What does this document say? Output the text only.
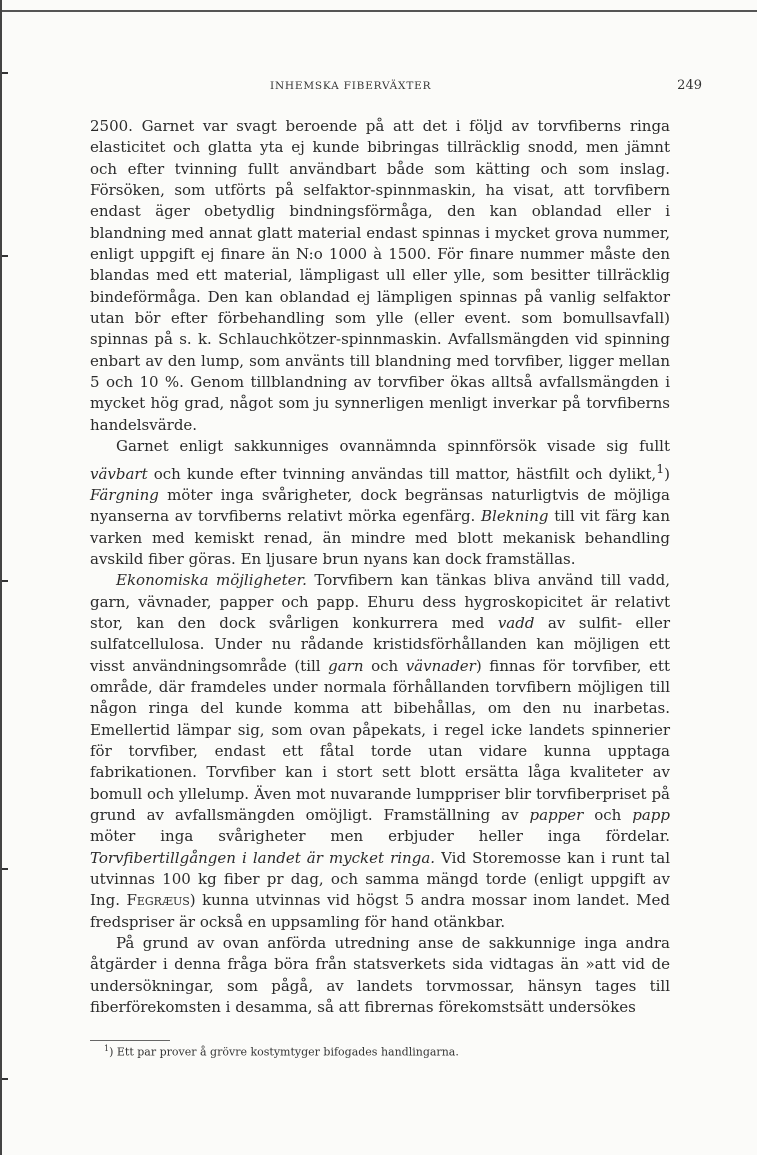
INHEMSKA FIBERVÄXTER	249

2500. Garnet var svagt beroende på att det i följd av torvfiberns ringa elasticitet och glatta yta ej kunde bibringas tillräcklig snodd, men jämnt och efter tvinning fullt användbart både som kätting och som inslag. Försöken, som utförts på selfaktor-spinnmaskin, ha visat, att torvfibern endast äger obetydlig bindningsförmåga, den kan oblandad eller i blandning med annat glatt material endast spinnas i mycket grova nummer, enligt uppgift ej finare än N:o 1000 à 1500. För finare nummer måste den blandas med ett material, lämpligast ull eller ylle, som besitter tillräcklig bindeförmåga. Den kan oblandad ej lämpligen spinnas på vanlig selfaktor utan bör efter förbehandling som ylle (eller event. som bomullsavfall) spinnas på s. k. Schlauchkötzer-spinnmaskin. Avfallsmängden vid spinning enbart av den lump, som använts till blandning med torvfiber, ligger mellan 5 och 10 %. Genom tillblandning av torvfiber ökas alltså avfallsmängden i mycket hög grad, något som ju synnerligen menligt inverkar på torvfiberns handelsvärde.

Garnet enligt sakkunniges ovannämnda spinnförsök visade sig fullt vävbart och kunde efter tvinning användas till mattor, hästfilt och dylikt,$^1$) Färgning möter inga svårigheter, dock begränsas naturligtvis de möjliga nyanserna av torvfiberns relativt mörka egenfärg. Blekning till vit färg kan varken med kemiskt renad, än mindre med blott mekanisk behandling avskild fiber göras. En ljusare brun nyans kan dock framställas.

Ekonomiska möjligheter. Torvfibern kan tänkas bliva använd till vadd, garn, vävnader, papper och papp. Ehuru dess hygroskopicitet är relativt stor, kan den dock svårligen konkurrera med vadd av sulfit- eller sulfatcellulosa. Under nu rådande kristidsförhållanden kan möjligen ett visst användningsområde (till garn och vävnader) finnas för torvfiber, ett område, där framdeles under normala förhållanden torvfibern möjligen till någon ringa del kunde komma att bibehållas, om den nu inarbetas. Emellertid lämpar sig, som ovan påpekats, i regel icke landets spinnerier för torvfiber, endast ett fåtal torde utan vidare kunna upptaga fabrikationen. Torvfiber kan i stort sett blott ersätta låga kvaliteter av bomull och yllelump. Även mot nuvarande lumppriser blir torvfiberpriset på grund av avfallsmängden omöjligt. Framställning av papper och papp möter inga svårigheter men erbjuder heller inga fördelar. Torvfibertillgången i landet är mycket ringa. Vid Storemosse kan i runt tal utvinnas 100 kg fiber pr dag, och samma mängd torde (enligt uppgift av Ing. Fegræus) kunna utvinnas vid högst 5 andra mossar inom landet. Med fredspriser är också en uppsamling för hand otänkbar.

På grund av ovan anförda utredning anse de sakkunnige inga andra åtgärder i denna fråga böra från statsverkets sida vidtagas än »att vid de undersökningar, som pågå, av landets torvmossar, hänsyn tages till fiberförekomsten i desamma, så att fibrernas förekomstsätt undersökes

$^1$) Ett par prover å grövre kostymtyger bifogades handlingarna.
